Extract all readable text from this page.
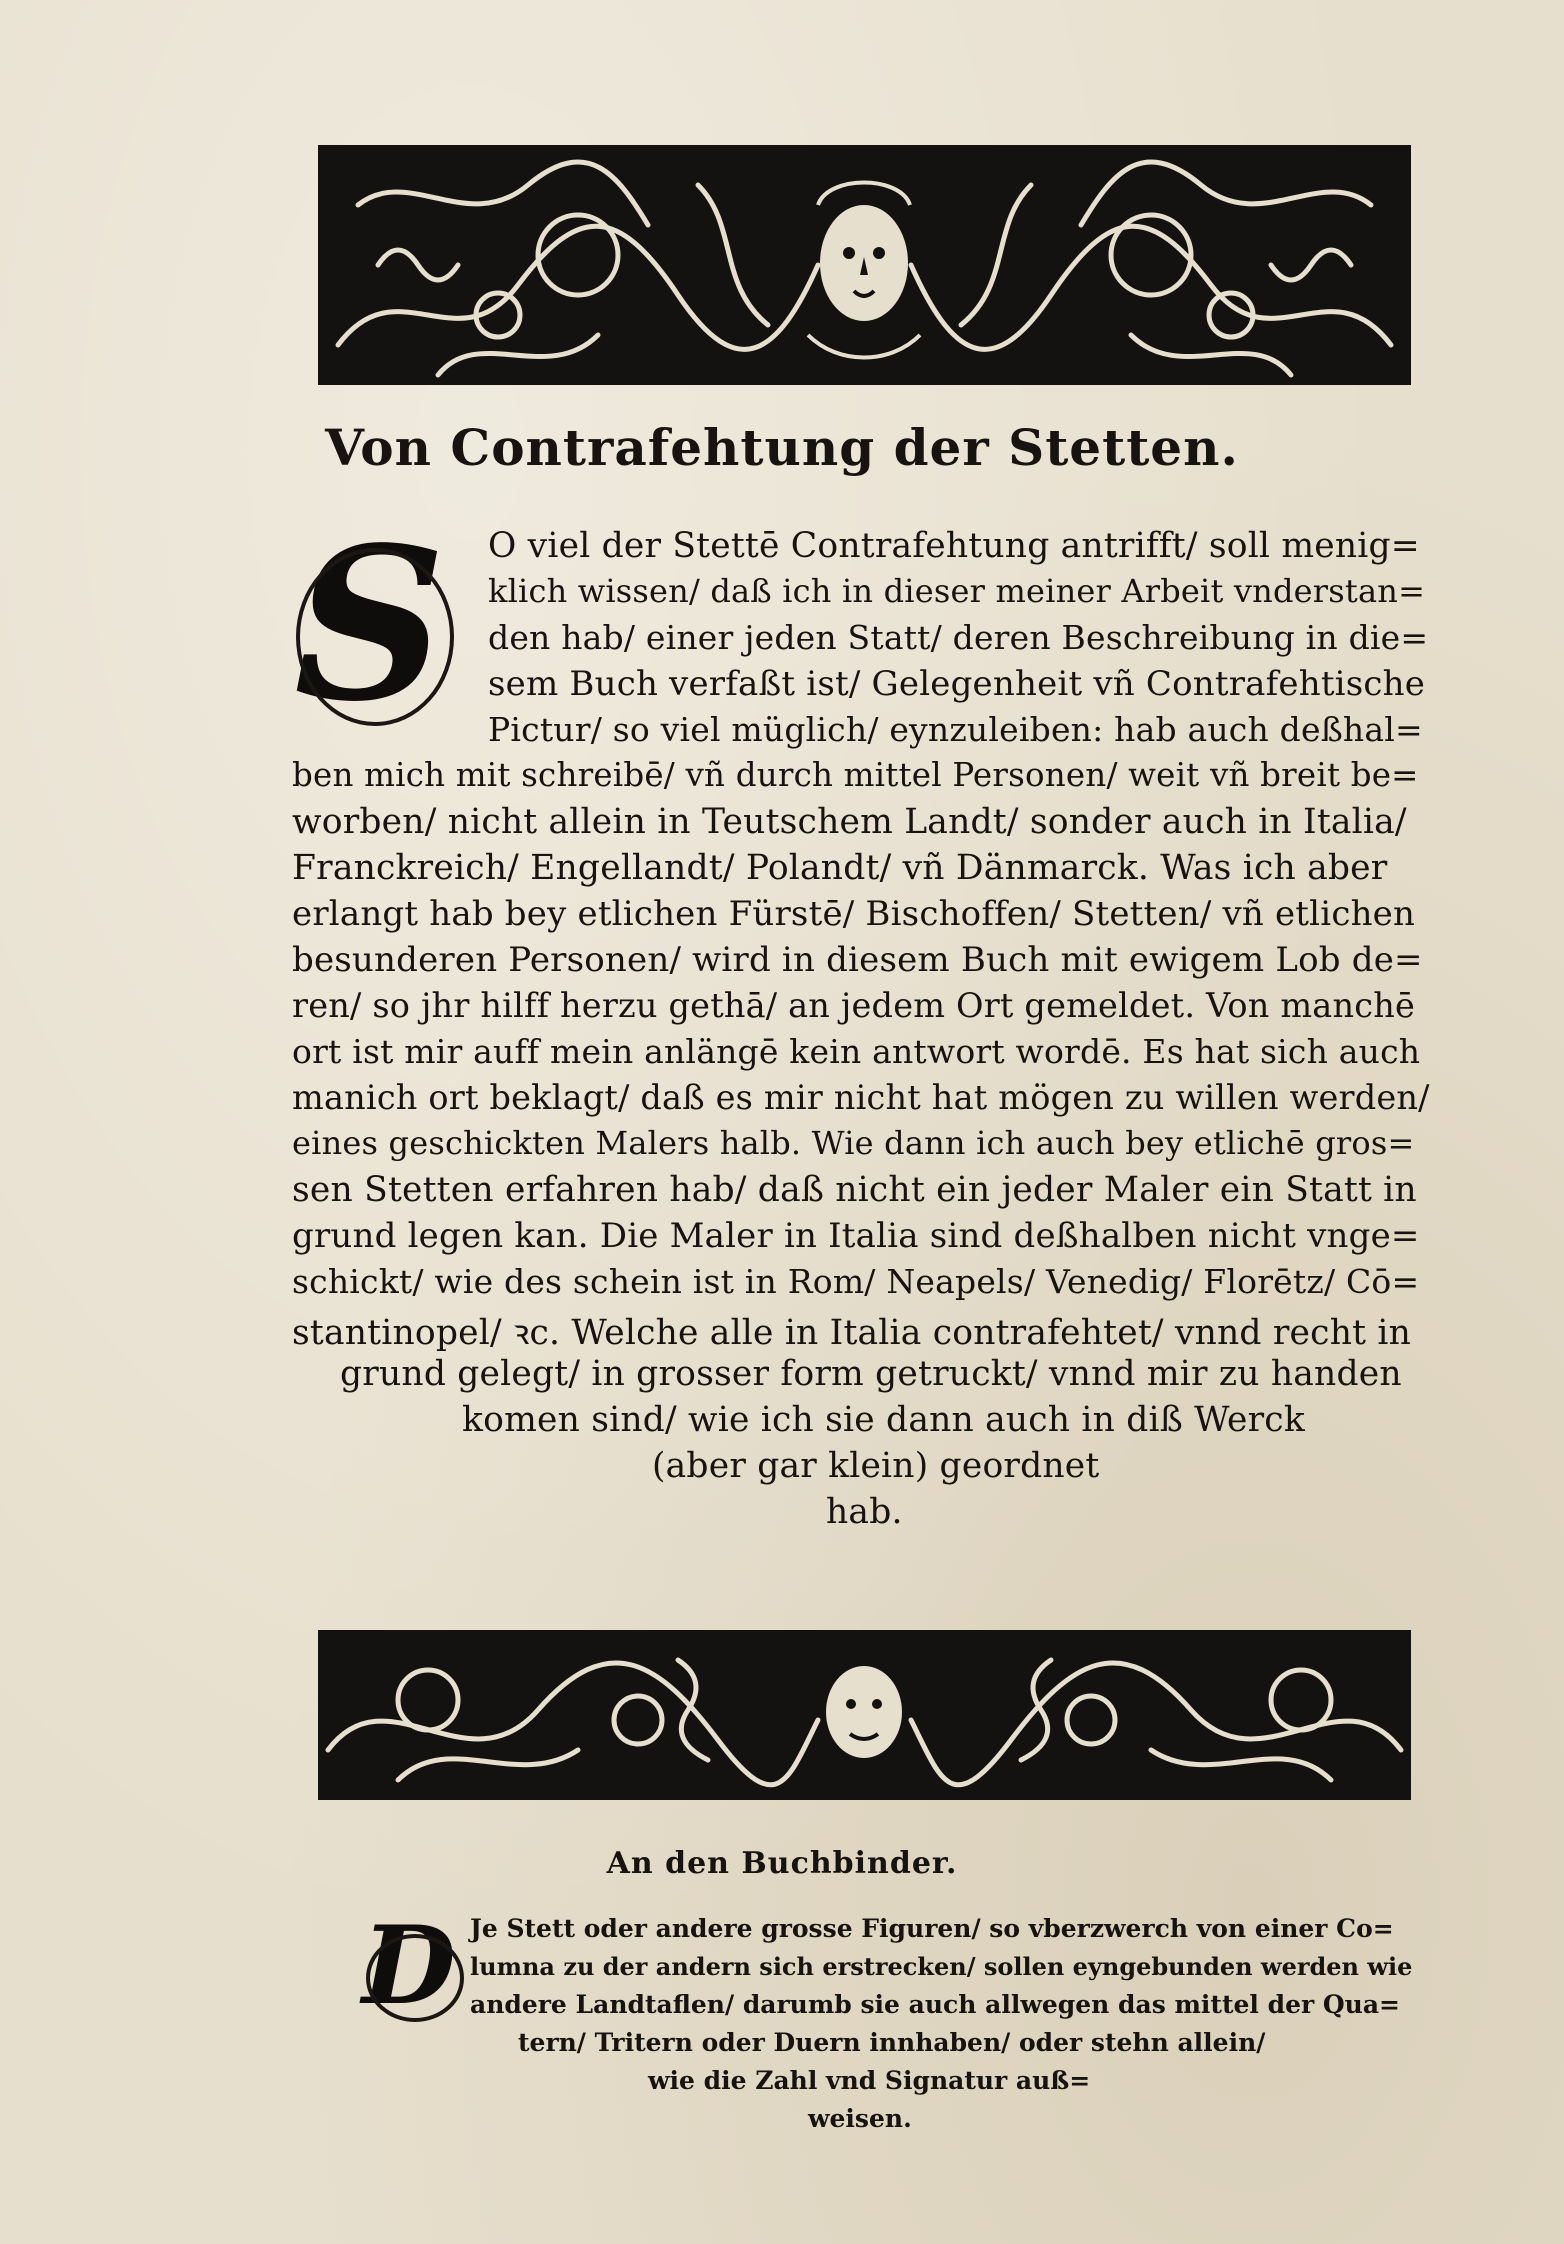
Von Contrafehtung der Stetten.
S O viel der Stettē Contrafehtung antrifft/ soll menig=
klich wissen/ daß ich in dieser meiner Arbeit vnderstan=
den hab/ einer jeden Statt/ deren Beschreibung in die=
sem Buch verfaßt ist/ Gelegenheit vñ Contrafehtische
Pictur/ so viel müglich/ eynzuleiben: hab auch deßhal=
ben mich mit schreibē/ vñ durch mittel Personen/ weit vñ breit be=
worben/ nicht allein in Teutschem Landt/ sonder auch in Italia/
Franckreich/ Engellandt/ Polandt/ vñ Dänmarck. Was ich aber
erlangt hab bey etlichen Fürstē/ Bischoffen/ Stetten/ vñ etlichen
besunderen Personen/ wird in diesem Buch mit ewigem Lob de=
ren/ so jhr hilff herzu gethā/ an jedem Ort gemeldet. Von manchē
ort ist mir auff mein anlängē kein antwort wordē. Es hat sich auch
manich ort beklagt/ daß es mir nicht hat mögen zu willen werden/
eines geschickten Malers halb. Wie dann ich auch bey etlichē gros=
sen Stetten erfahren hab/ daß nicht ein jeder Maler ein Statt in
grund legen kan. Die Maler in Italia sind deßhalben nicht vnge=
schickt/ wie des schein ist in Rom/ Neapels/ Venedig/ Florētz/ Cō=
stantinopel/ ꝛc. Welche alle in Italia contrafehtet/ vnnd recht in
grund gelegt/ in grosser form getruckt/ vnnd mir zu handen
komen sind/ wie ich sie dann auch in diß Werck
(aber gar klein) geordnet
hab.
An den Buchbinder.
D Je Stett oder andere grosse Figuren/ so vberzwerch von einer Co=
lumna zu der andern sich erstrecken/ sollen eyngebunden werden wie
andere Landtaflen/ darumb sie auch allwegen das mittel der Qua=
tern/ Tritern oder Duern innhaben/ oder stehn allein/
wie die Zahl vnd Signatur auß=
weisen.
